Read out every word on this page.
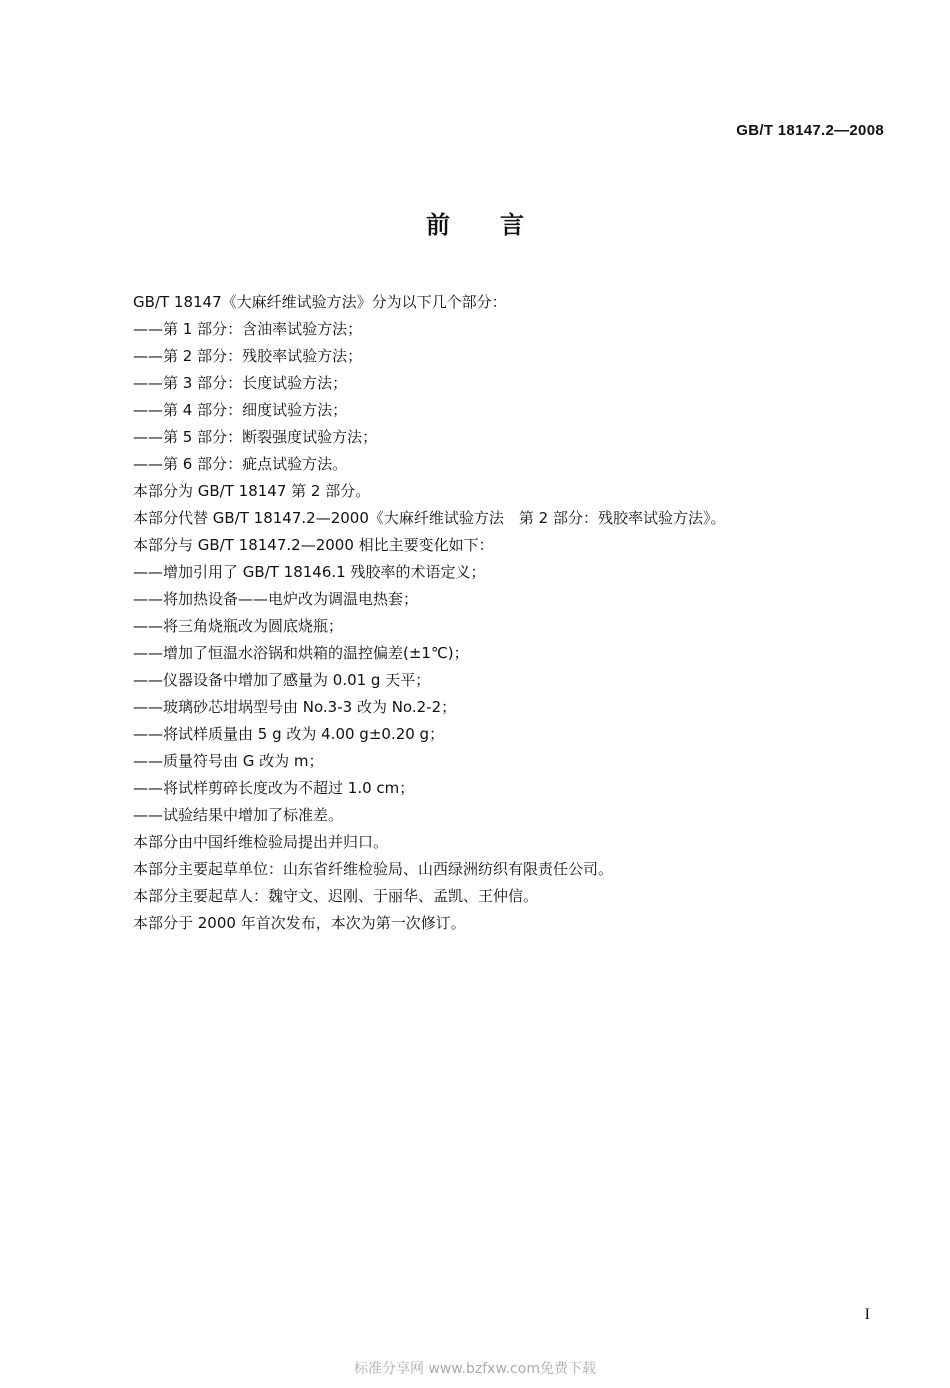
GB/T 18147.2—2008
前 言
GB/T 18147《大麻纤维试验方法》分为以下几个部分：
——第 1 部分：含油率试验方法；
——第 2 部分：残胶率试验方法；
——第 3 部分：长度试验方法；
——第 4 部分：细度试验方法；
——第 5 部分：断裂强度试验方法；
——第 6 部分：疵点试验方法。
本部分为 GB/T 18147 第 2 部分。
本部分代替 GB/T 18147.2—2000《大麻纤维试验方法　第 2 部分：残胶率试验方法》。
本部分与 GB/T 18147.2—2000 相比主要变化如下：
——增加引用了 GB/T 18146.1 残胶率的术语定义；
——将加热设备——电炉改为调温电热套；
——将三角烧瓶改为圆底烧瓶；
——增加了恒温水浴锅和烘箱的温控偏差(±1℃)；
——仪器设备中增加了感量为 0.01 g 天平；
——玻璃砂芯坩埚型号由 No.3-3 改为 No.2-2；
——将试样质量由 5 g 改为 4.00 g±0.20 g；
——质量符号由 G 改为 m；
——将试样剪碎长度改为不超过 1.0 cm；
——试验结果中增加了标准差。
本部分由中国纤维检验局提出并归口。
本部分主要起草单位：山东省纤维检验局、山西绿洲纺织有限责任公司。
本部分主要起草人：魏守文、迟刚、于丽华、孟凯、王仲信。
本部分于 2000 年首次发布，本次为第一次修订。
I
标准分享网 www.bzfxw.com免费下载
